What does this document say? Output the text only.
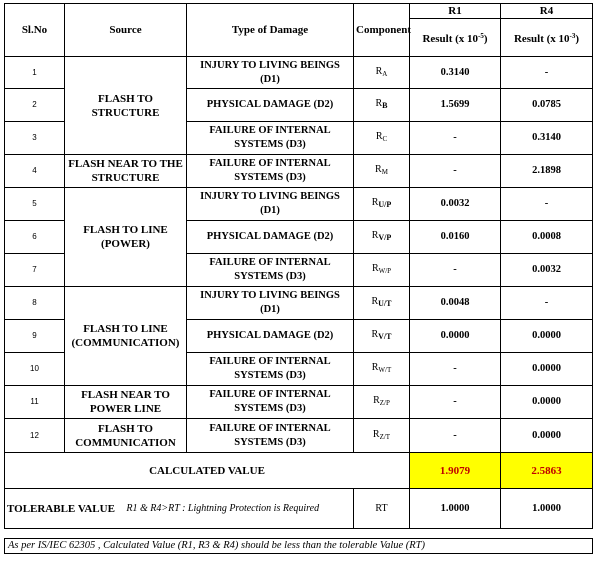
Sl.No	Source	Type of Damage	Component	R1	R4
				Result (x $10^{-5}$)	Result (x $10^{-3}$)
1	FLASH TO STRUCTURE	INJURY TO LIVING BEINGS (D1)	$R_A$	0.3140	-
2		PHYSICAL DAMAGE (D2)	$R_B$	1.5699	0.0785
3		FAILURE OF INTERNAL SYSTEMS (D3)	$R_C$	-	0.3140
4	FLASH NEAR TO THE STRUCTURE	FAILURE OF INTERNAL SYSTEMS (D3)	$R_M$	-	2.1898
5	FLASH TO LINE (POWER)	INJURY TO LIVING BEINGS (D1)	$R_{U/P}$	0.0032	-
6		PHYSICAL DAMAGE (D2)	$R_{V/P}$	0.0160	0.0008
7		FAILURE OF INTERNAL SYSTEMS (D3)	$R_{W/P}$	-	0.0032
8	FLASH TO LINE (COMMUNICATION)	INJURY TO LIVING BEINGS (D1)	$R_{U/T}$	0.0048	-
9		PHYSICAL DAMAGE (D2)	$R_{V/T}$	0.0000	0.0000
10		FAILURE OF INTERNAL SYSTEMS (D3)	$R_{W/T}$	-	0.0000
11	FLASH NEAR TO POWER LINE	FAILURE OF INTERNAL SYSTEMS (D3)	$R_{Z/P}$	-	0.0000
12	FLASH TO COMMUNICATION	FAILURE OF INTERNAL SYSTEMS (D3)	$R_{Z/T}$	-	0.0000
CALCULATED VALUE				1.9079	2.5863
TOLERABLE VALUE	R1 & R4>RT : Lightning Protection is Required		RT	1.0000	1.0000
As per IS/IEC 62305 , Calculated Value (R1, R3 & R4) should be less than the tolerable Value (RT)
